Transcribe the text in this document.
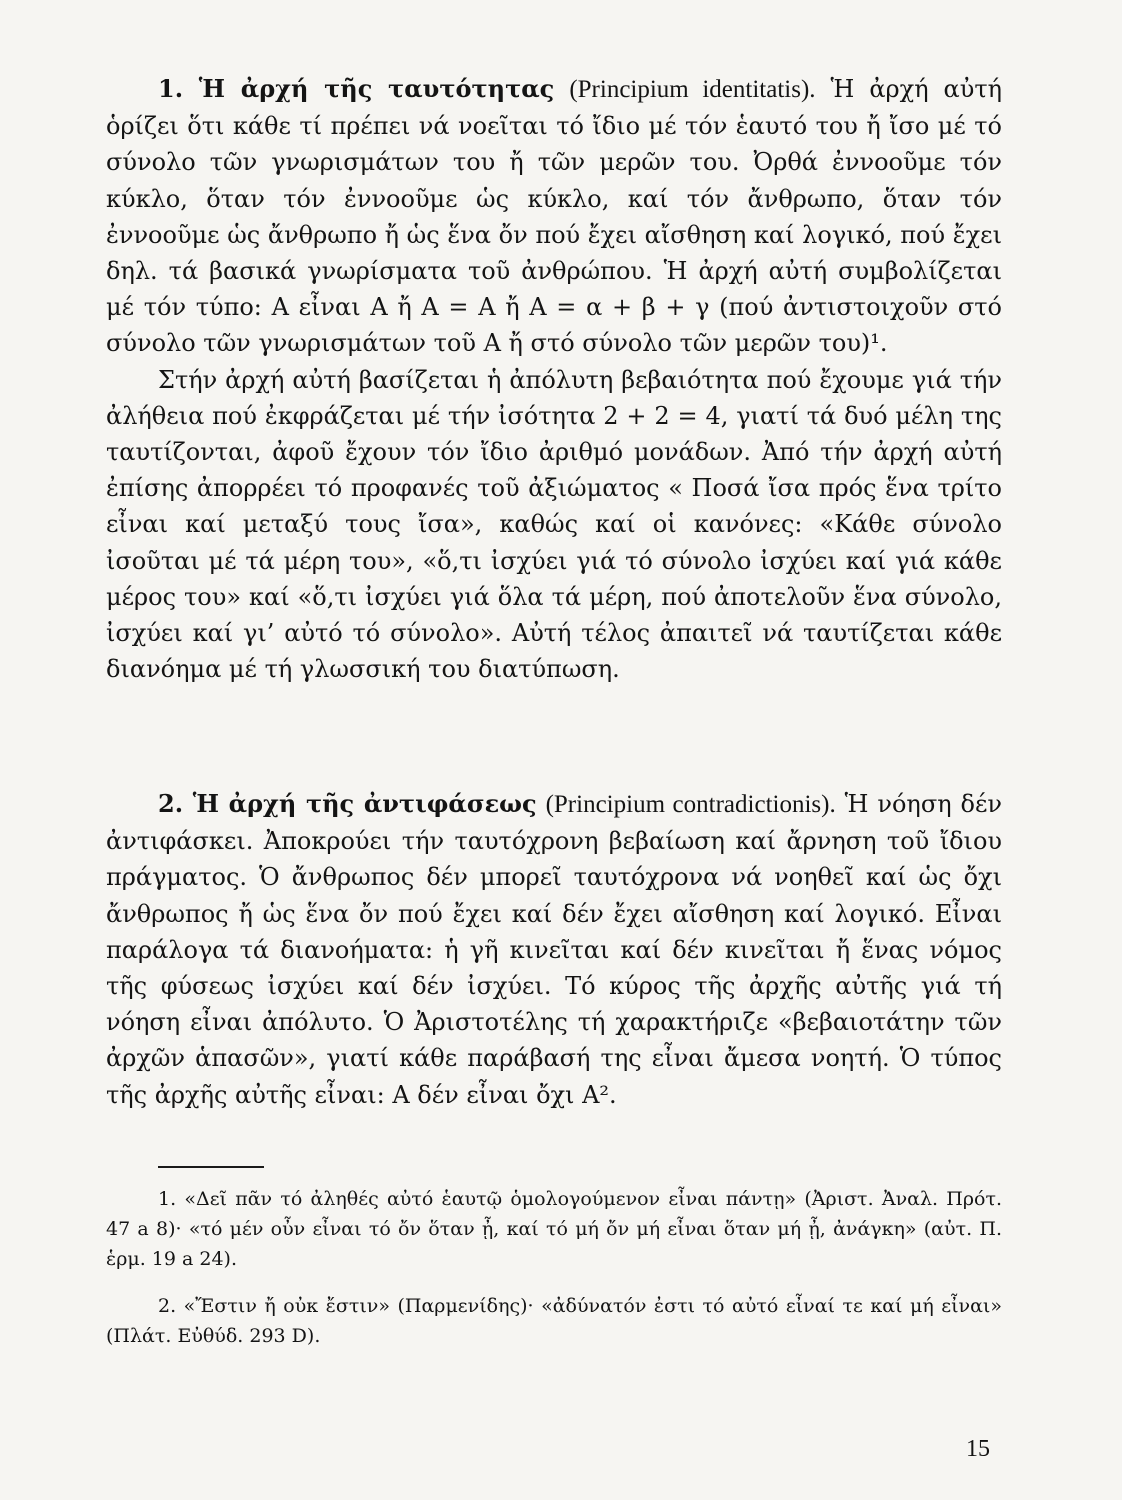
1. Ἡ ἀρχή τῆς ταυτότητας (Principium identitatis). Ἡ ἀρχή αὐτή ὁρίζει ὅτι κάθε τί πρέπει νά νοεῖται τό ἴδιο μέ τόν ἑαυτό του ἤ ἴσο μέ τό σύνολο τῶν γνωρισμάτων του ἤ τῶν μερῶν του. Ὀρθά ἐννοοῦμε τόν κύκλο, ὅταν τόν ἐννοοῦμε ὡς κύκλο, καί τόν ἄνθρωπο, ὅταν τόν ἐννοοῦμε ὡς ἄνθρωπο ἤ ὡς ἕνα ὄν πού ἔχει αἴσθηση καί λογικό, πού ἔχει δηλ. τά βασικά γνωρίσματα τοῦ ἀνθρώπου. Ἡ ἀρχή αὐτή συμβολίζεται μέ τόν τύπο: Α εἶναι Α ἤ Α = Α ἤ Α = α + β + γ (πού ἀντιστοιχοῦν στό σύνολο τῶν γνωρισμάτων τοῦ Α ἤ στό σύνολο τῶν μερῶν του)¹.

Στήν ἀρχή αὐτή βασίζεται ἡ ἀπόλυτη βεβαιότητα πού ἔχουμε γιά τήν ἀλήθεια πού ἐκφράζεται μέ τήν ἰσότητα 2 + 2 = 4, γιατί τά δυό μέλη της ταυτίζονται, ἀφοῦ ἔχουν τόν ἴδιο ἀριθμό μονάδων. Ἀπό τήν ἀρχή αὐτή ἐπίσης ἀπορρέει τό προφανές τοῦ ἀξιώματος « Ποσά ἴσα πρός ἕνα τρίτο εἶναι καί μεταξύ τους ἴσα», καθώς καί οἱ κανόνες: «Κάθε σύνολο ἰσοῦται μέ τά μέρη του», «ὅ,τι ἰσχύει γιά τό σύνολο ἰσχύει καί γιά κάθε μέρος του» καί «ὅ,τι ἰσχύει γιά ὅλα τά μέρη, πού ἀποτελοῦν ἕνα σύνολο, ἰσχύει καί γι’ αὐτό τό σύνολο». Αὐτή τέλος ἀπαιτεῖ νά ταυτίζεται κάθε διανόημα μέ τή γλωσσική του διατύπωση.

2. Ἡ ἀρχή τῆς ἀντιφάσεως (Principium contradictionis). Ἡ νόηση δέν ἀντιφάσκει. Ἀποκρούει τήν ταυτόχρονη βεβαίωση καί ἄρνηση τοῦ ἴδιου πράγματος. Ὁ ἄνθρωπος δέν μπορεῖ ταυτόχρονα νά νοηθεῖ καί ὡς ὄχι ἄνθρωπος ἤ ὡς ἕνα ὄν πού ἔχει καί δέν ἔχει αἴσθηση καί λογικό. Εἶναι παράλογα τά διανοήματα: ἡ γῆ κινεῖται καί δέν κινεῖται ἤ ἕνας νόμος τῆς φύσεως ἰσχύει καί δέν ἰσχύει. Τό κύρος τῆς ἀρχῆς αὐτῆς γιά τή νόηση εἶναι ἀπόλυτο. Ὁ Ἀριστοτέλης τή χαρακτήριζε «βεβαιοτάτην τῶν ἀρχῶν ἁπασῶν», γιατί κάθε παράβασή της εἶναι ἄμεσα νοητή. Ὁ τύπος τῆς ἀρχῆς αὐτῆς εἶναι: Α δέν εἶναι ὄχι Α².

1. «Δεῖ πᾶν τό ἀληθές αὐτό ἑαυτῷ ὁμολογούμενον εἶναι πάντῃ» (Ἀριστ. Ἀναλ. Πρότ. 47 a 8)· «τό μέν οὖν εἶναι τό ὄν ὅταν ᾖ, καί τό μή ὄν μή εἶναι ὅταν μή ᾖ, ἀνάγκη» (αὐτ. Π. ἑρμ. 19 a 24).

2. «Ἔστιν ἤ οὐκ ἔστιν» (Παρμενίδης)· «ἀδύνατόν ἐστι τό αὐτό εἶναί τε καί μή εἶναι» (Πλάτ. Εὐθύδ. 293 D).

15
